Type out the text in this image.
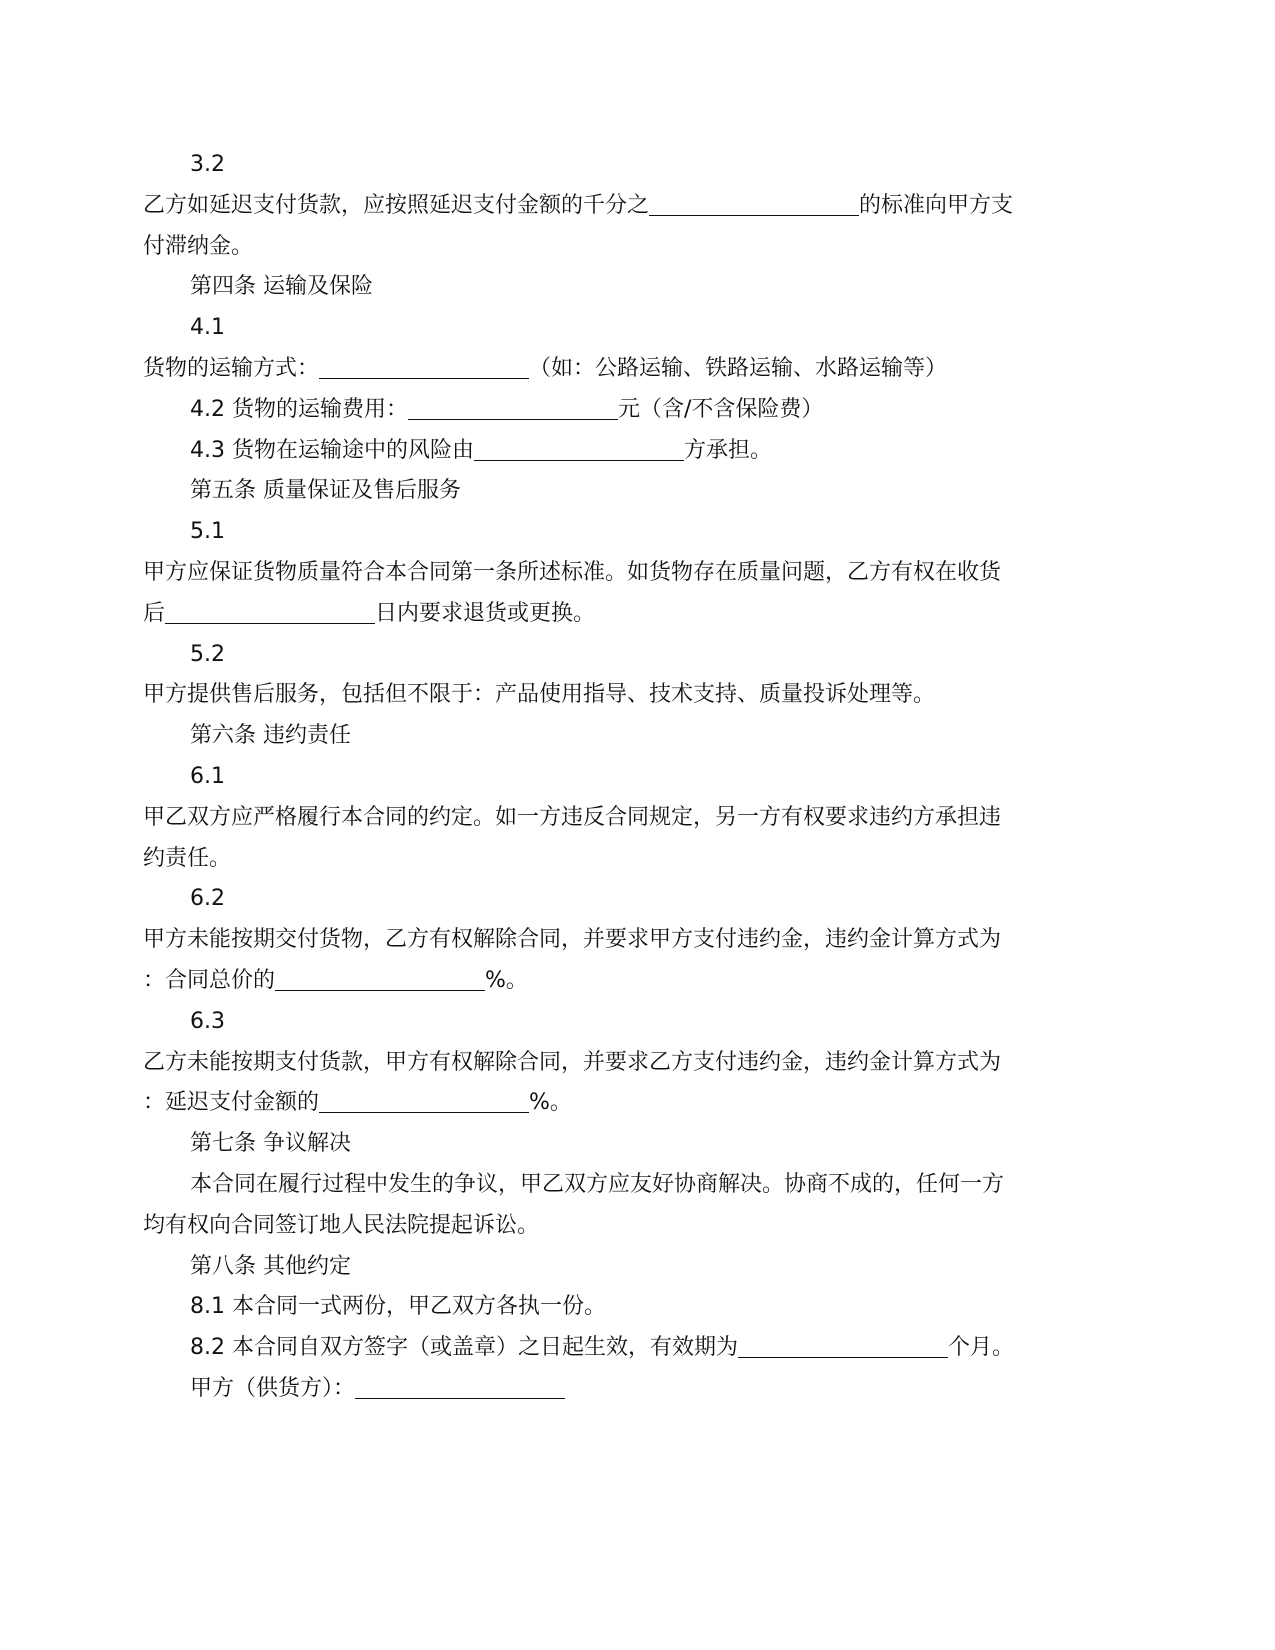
3.2
乙方如延迟支付货款，应按照延迟支付金额的千分之	的标准向甲方支
付滞纳金。
第四条 运输及保险
4.1
货物的运输方式：	（如：公路运输、铁路运输、水路运输等）
4.2 货物的运输费用：	元（含/不含保险费）
4.3 货物在运输途中的风险由	方承担。
第五条 质量保证及售后服务
5.1
甲方应保证货物质量符合本合同第一条所述标准。如货物存在质量问题，乙方有权在收货
后	日内要求退货或更换。
5.2
甲方提供售后服务，包括但不限于：产品使用指导、技术支持、质量投诉处理等。
第六条 违约责任
6.1
甲乙双方应严格履行本合同的约定。如一方违反合同规定，另一方有权要求违约方承担违
约责任。
6.2
甲方未能按期交付货物，乙方有权解除合同，并要求甲方支付违约金，违约金计算方式为
：合同总价的	%。
6.3
乙方未能按期支付货款，甲方有权解除合同，并要求乙方支付违约金，违约金计算方式为
：延迟支付金额的	%。
第七条 争议解决
本合同在履行过程中发生的争议，甲乙双方应友好协商解决。协商不成的，任何一方
均有权向合同签订地人民法院提起诉讼。
第八条 其他约定
8.1 本合同一式两份，甲乙双方各执一份。
8.2 本合同自双方签字（或盖章）之日起生效，有效期为	个月。
甲方（供货方）：
